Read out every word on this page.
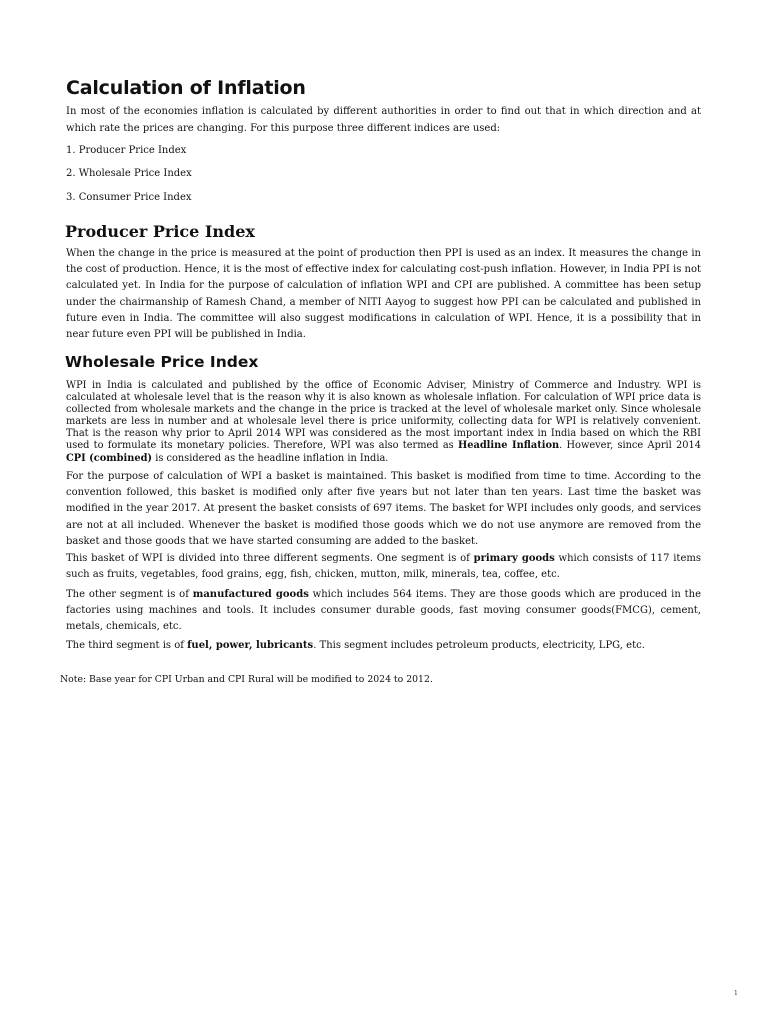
Calculation of Inflation

In most of the economies inflation is calculated by different authorities in order to find out that in which direction and at which rate the prices are changing. For this purpose three different indices are used:

1. Producer Price Index

2. Wholesale Price Index

3. Consumer Price Index

Producer Price Index

When the change in the price is measured at the point of production then PPI is used as an index. It measures the change in the cost of production. Hence, it is the most of effective index for calculating cost-push inflation. However, in India PPI is not calculated yet. In India for the purpose of calculation of inflation WPI and CPI are published. A committee has been setup under the chairmanship of Ramesh Chand, a member of NITI Aayog to suggest how PPI can be calculated and published in future even in India. The committee will also suggest modifications in calculation of WPI. Hence, it is a possibility that in near future even PPI will be published in India.

Wholesale Price Index

WPI in India is calculated and published by the office of Economic Adviser, Ministry of Commerce and Industry. WPI is calculated at wholesale level that is the reason why it is also known as wholesale inflation. For calculation of WPI price data is collected from wholesale markets and the change in the price is tracked at the level of wholesale market only. Since wholesale markets are less in number and at wholesale level there is price uniformity, collecting data for WPI is relatively convenient. That is the reason why prior to April 2014 WPI was considered as the most important index in India based on which the RBI used to formulate its monetary policies. Therefore, WPI was also termed as Headline Inflation. However, since April 2014 CPI (combined) is considered as the headline inflation in India.

For the purpose of calculation of WPI a basket is maintained. This basket is modified from time to time. According to the convention followed, this basket is modified only after five years but not later than ten years. Last time the basket was modified in the year 2017. At present the basket consists of 697 items. The basket for WPI includes only goods, and services are not at all included. Whenever the basket is modified those goods which we do not use anymore are removed from the basket and those goods that we have started consuming are added to the basket.

This basket of WPI is divided into three different segments. One segment is of primary goods which consists of 117 items such as fruits, vegetables, food grains, egg, fish, chicken, mutton, milk, minerals, tea, coffee, etc.

The other segment is of manufactured goods which includes 564 items. They are those goods which are produced in the factories using machines and tools. It includes consumer durable goods, fast moving consumer goods(FMCG), cement, metals, chemicals, etc.

The third segment is of fuel, power, lubricants. This segment includes petroleum products, electricity, LPG, etc.

Note: Base year for CPI Urban and CPI Rural will be modified to 2024 to 2012.

1
